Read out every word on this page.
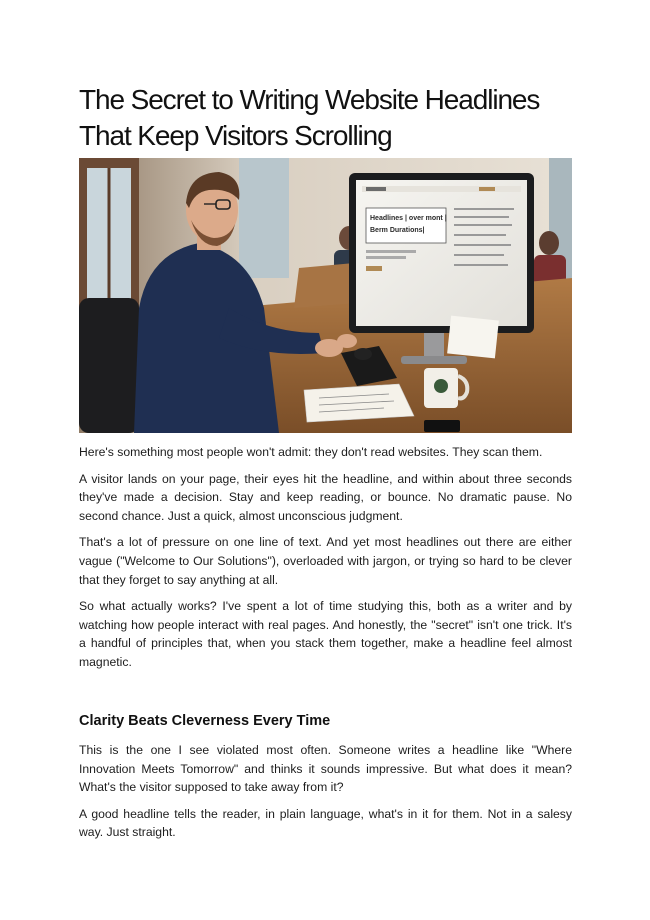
The Secret to Writing Website Headlines That Keep Visitors Scrolling
Headlines | over mont |
Berm Durations|

Here's something most people won't admit: they don't read websites. They scan them.

A visitor lands on your page, their eyes hit the headline, and within about three seconds they've made a decision. Stay and keep reading, or bounce. No dramatic pause. No second chance. Just a quick, almost unconscious judgment.

That's a lot of pressure on one line of text. And yet most headlines out there are either vague ("Welcome to Our Solutions"), overloaded with jargon, or trying so hard to be clever that they forget to say anything at all.

So what actually works? I've spent a lot of time studying this, both as a writer and by watching how people interact with real pages. And honestly, the "secret" isn't one trick. It's a handful of principles that, when you stack them together, make a headline feel almost magnetic.

Clarity Beats Cleverness Every Time

This is the one I see violated most often. Someone writes a headline like "Where Innovation Meets Tomorrow" and thinks it sounds impressive. But what does it mean? What's the visitor supposed to take away from it?

A good headline tells the reader, in plain language, what's in it for them. Not in a salesy way. Just straight.
